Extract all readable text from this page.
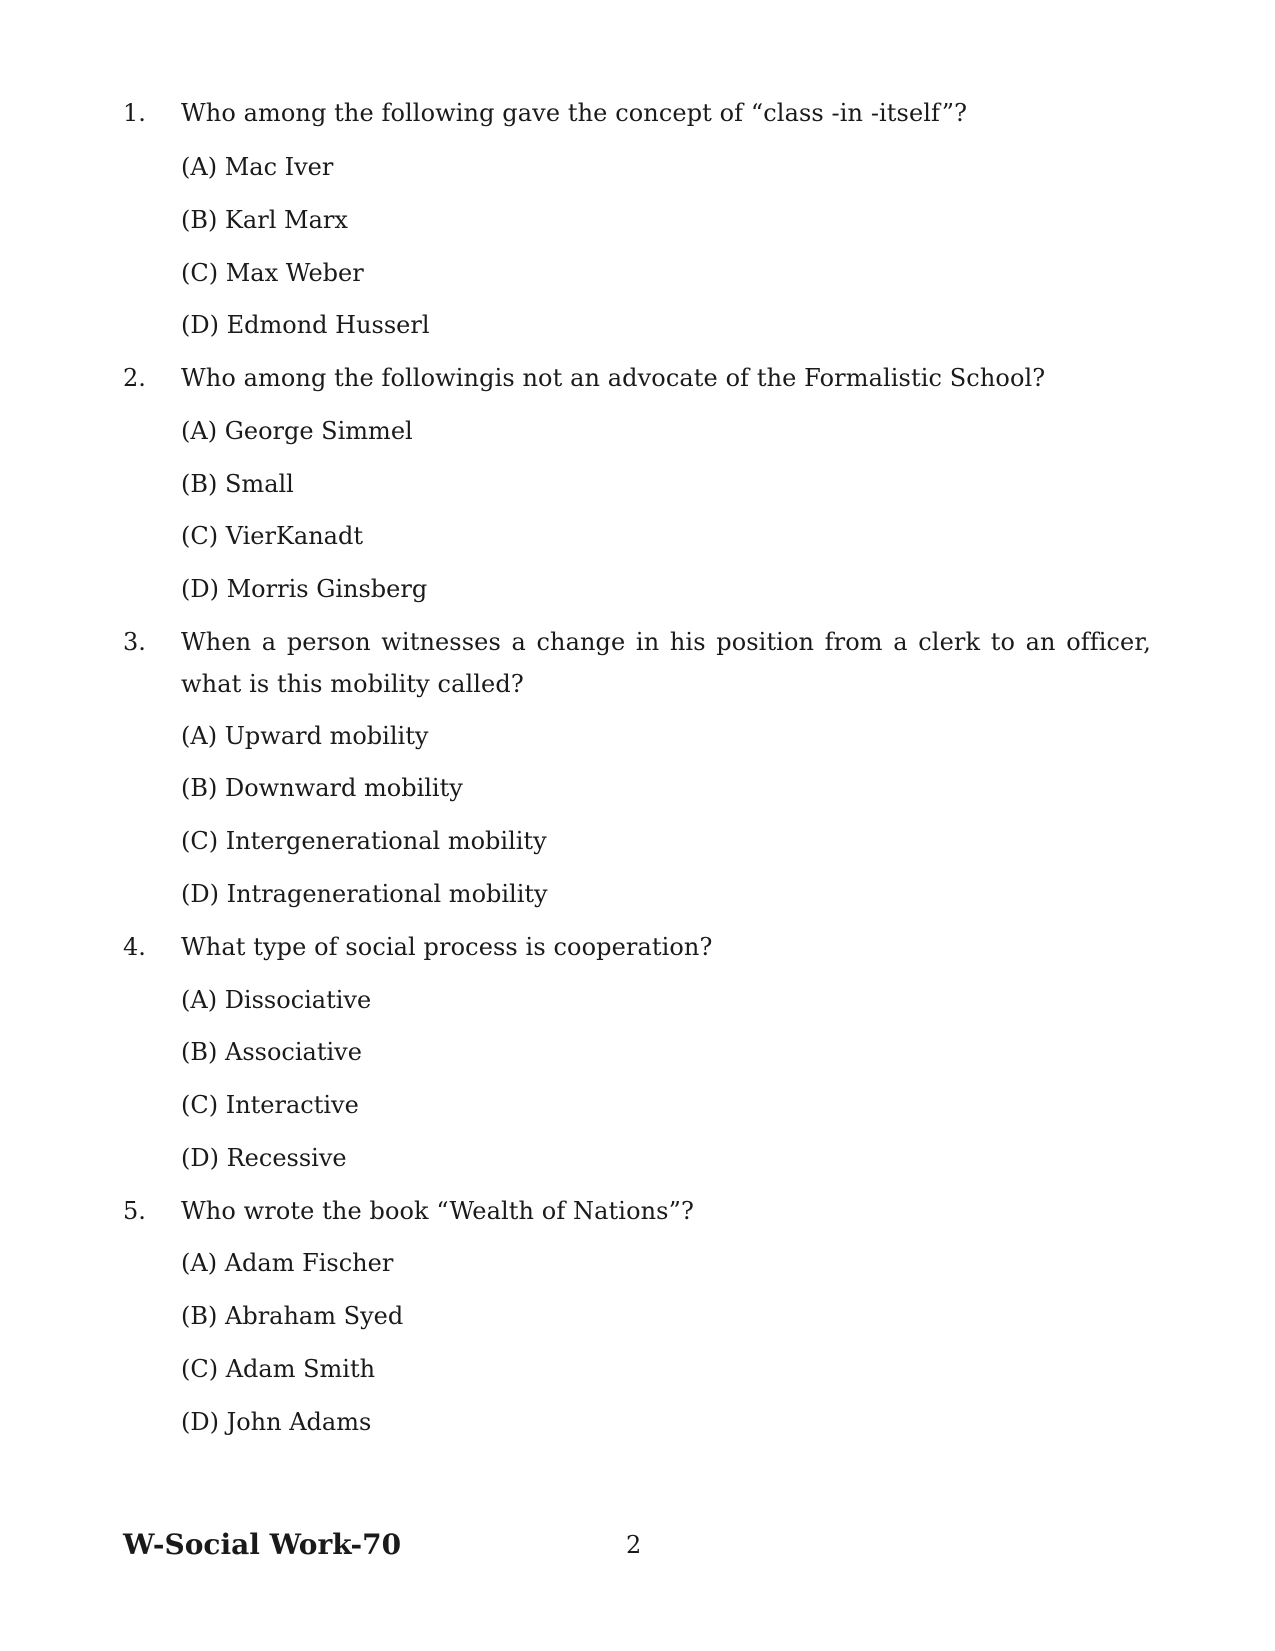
1. Who among the following gave the concept of “class -in -itself”?
(A) Mac Iver
(B) Karl Marx
(C) Max Weber
(D) Edmond Husserl
2. Who among the followingis not an advocate of the Formalistic School?
(A) George Simmel
(B) Small
(C) VierKanadt
(D) Morris Ginsberg
3. When a person witnesses a change in his position from a clerk to an officer, what is this mobility called?
(A) Upward mobility
(B) Downward mobility
(C) Intergenerational mobility
(D) Intragenerational mobility
4. What type of social process is cooperation?
(A) Dissociative
(B) Associative
(C) Interactive
(D) Recessive
5. Who wrote the book “Wealth of Nations”?
(A) Adam Fischer
(B) Abraham Syed
(C) Adam Smith
(D) John Adams
W-Social Work-70	2
